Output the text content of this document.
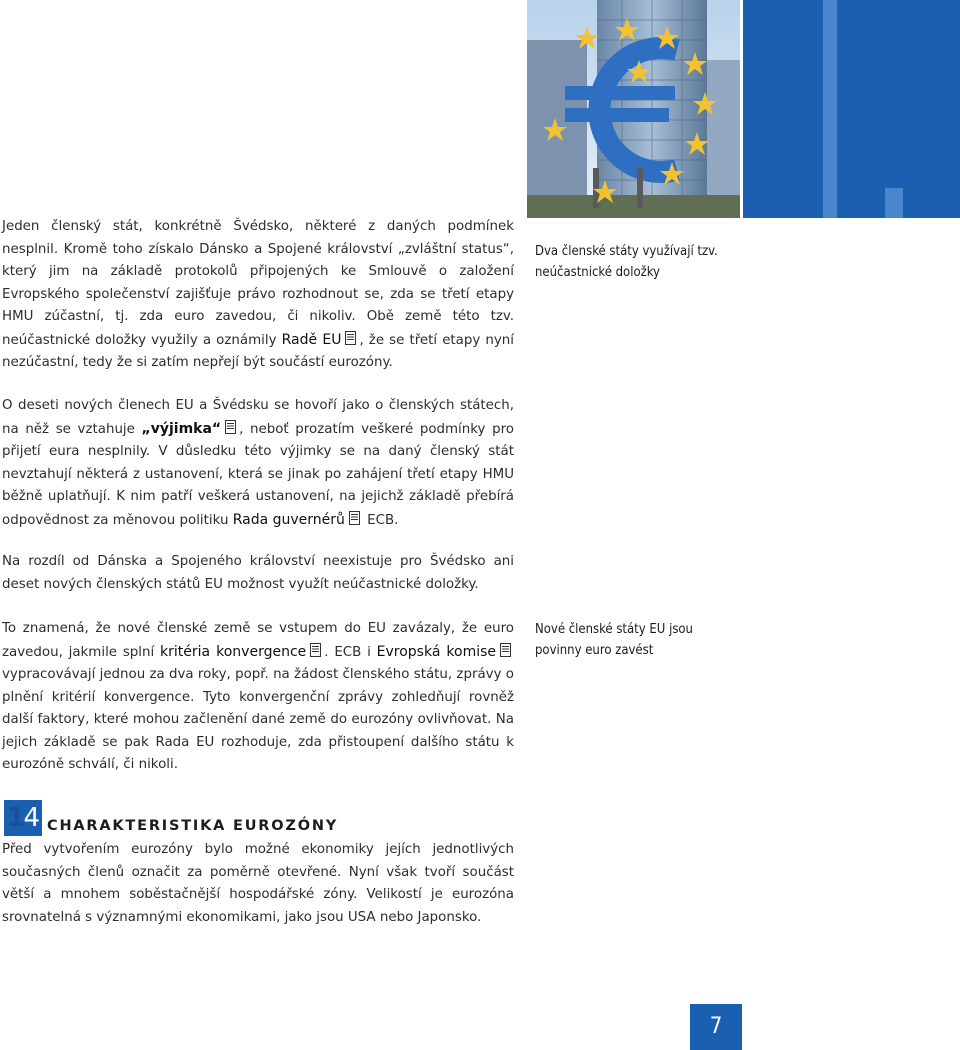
Jeden členský stát, konkrétně Švédsko, některé z daných podmínek nesplnil. Kromě toho získalo Dánsko a Spojené království „zvláštní status“, který jim na základě protokolů připojených ke Smlouvě o založení Evropského společenství zajišťuje právo rozhodnout se, zda se třetí etapy HMU zúčastní, tj. zda euro zavedou, či nikoliv. Obě země této tzv. neúčastnické doložky využily a oznámily Radě EU , že se třetí etapy nyní nezúčastní, tedy že si zatím nepřejí být součástí eurozóny.

O deseti nových členech EU a Švédsku se hovoří jako o členských státech, na něž se vztahuje „výjimka“ , neboť prozatím veškeré podmínky pro přijetí eura nesplnily. V důsledku této výjimky se na daný členský stát nevztahují některá z ustanovení, která se jinak po zahájení třetí etapy HMU běžně uplatňují. K nim patří veškerá ustanovení, na jejichž základě přebírá odpovědnost za měnovou politiku Rada guvernérů ECB.

Na rozdíl od Dánska a Spojeného království neexistuje pro Švédsko ani deset nových členských států EU možnost využít neúčastnické doložky.

To znamená, že nové členské země se vstupem do EU zavázaly, že euro zavedou, jakmile splní kritéria konvergence . ECB i Evropská komise vypracovávají jednou za dva roky, popř. na žádost členského státu, zprávy o plnění kritérií konvergence. Tyto konvergenční zprávy zohledňují rovněž další faktory, které mohou začlenění dané země do eurozóny ovlivňovat. Na jejich základě se pak Rada EU rozhoduje, zda přistoupení dalšího státu k eurozóně schválí, či nikoli.

Dva členské státy využívají tzv. neúčastnické doložky
Nové členské státy EU jsou povinny euro zavést
1
4 CHARAKTERISTIKA EUROZÓNY

Před vytvořením eurozóny bylo možné ekonomiky jejích jednotlivých současných členů označit za poměrně otevřené. Nyní však tvoří součást větší a mnohem soběstačnější hospodářské zóny. Velikostí je eurozóna srovnatelná s významnými ekonomikami, jako jsou USA nebo Japonsko.

7
